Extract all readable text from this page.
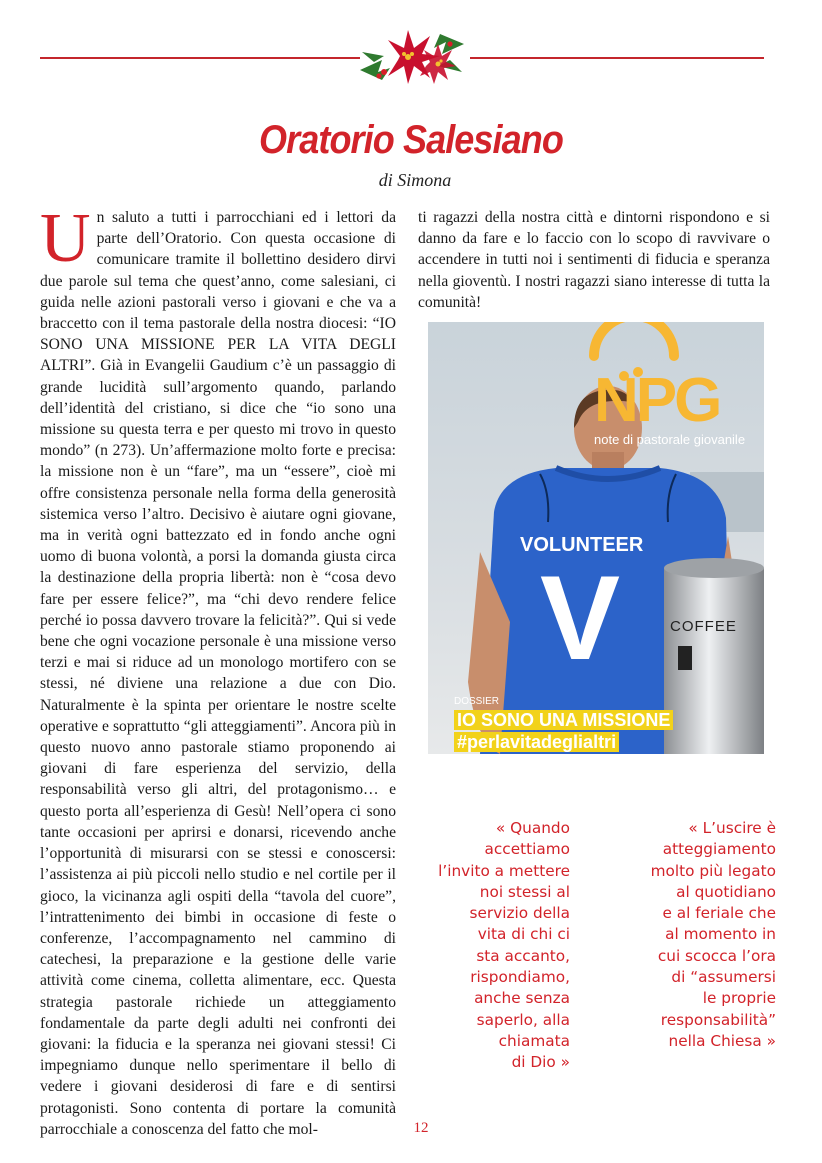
Oratorio Salesiano
di Simona
Un saluto a tutti i parrocchiani ed i lettori da parte dell’Oratorio. Con questa occasione di comunicare tramite il bollettino desidero dirvi due parole sul tema che quest’anno, come salesiani, ci guida nelle azioni pastorali verso i giovani e che va a braccetto con il tema pastorale della nostra diocesi: “IO SONO UNA MISSIONE PER LA VITA DEGLI ALTRI”. Già in Evangelii Gaudium c’è un passaggio di grande lucidità sull’argomento quando, parlando dell’identità del cristiano, si dice che “io sono una missione su questa terra e per questo mi trovo in questo mondo” (n 273). Un’affermazione molto forte e precisa: la missione non è un “fare”, ma un “essere”, cioè mi offre consistenza personale nella forma della generosità sistemica verso l’altro. Decisivo è aiutare ogni giovane, ma in verità ogni battezzato ed in fondo anche ogni uomo di buona volontà, a porsi la domanda giusta circa la destinazione della propria libertà: non è “cosa devo fare per essere felice?”, ma “chi devo rendere felice perché io possa davvero trovare la felicità?”. Qui si vede bene che ogni vocazione personale è una missione verso terzi e mai si riduce ad un monologo mortifero con se stessi, né diviene una relazione a due con Dio. Naturalmente è la spinta per orientare le nostre scelte operative e soprattutto “gli atteggiamenti”. Ancora più in questo nuovo anno pastorale stiamo proponendo ai giovani di fare esperienza del servizio, della responsabilità verso gli altri, del protagonismo… e questo porta all’esperienza di Gesù! Nell’opera ci sono tante occasioni per aprirsi e donarsi, ricevendo anche l’opportunità di misurarsi con se stessi e conoscersi: l’assistenza ai più piccoli nello studio e nel cortile per il gioco, la vicinanza agli ospiti della “tavola del cuore”, l’intrattenimento dei bimbi in occasione di feste o conferenze, l’accompagnamento nel cammino di catechesi, la preparazione e la gestione delle varie attività come cinema, colletta alimentare, ecc. Questa strategia pastorale richiede un atteggiamento fondamentale da parte degli adulti nei confronti dei giovani: la fiducia e la speranza nei giovani stessi! Ci impegniamo dunque nello sperimentare il bello di vedere i giovani desiderosi di fare e di sentirsi protagonisti. Sono contenta di portare la comunità parrocchiale a conoscenza del fatto che mol-
ti ragazzi della nostra città e dintorni rispondono e si danno da fare e lo faccio con lo scopo di ravvivare o accendere in tutti noi i sentimenti di fiducia e speranza nella gioventù. I nostri ragazzi siano interesse di tutta la comunità!
NPG
note di pastorale giovanile
VOLUNTEER
V	COFFEE
DOSSIER
IO SONO UNA MISSIONE
#perlavitadeglialtri
« Quando
accettiamo
l’invito a mettere
noi stessi al
servizio della
vita di chi ci
sta accanto,
rispondiamo,
anche senza
saperlo, alla
chiamata
di Dio »
« L’uscire è
atteggiamento
molto più legato
al quotidiano
e al feriale che
al momento in
cui scocca l’ora
di “assumersi
le proprie
responsabilità”
nella Chiesa »
12
